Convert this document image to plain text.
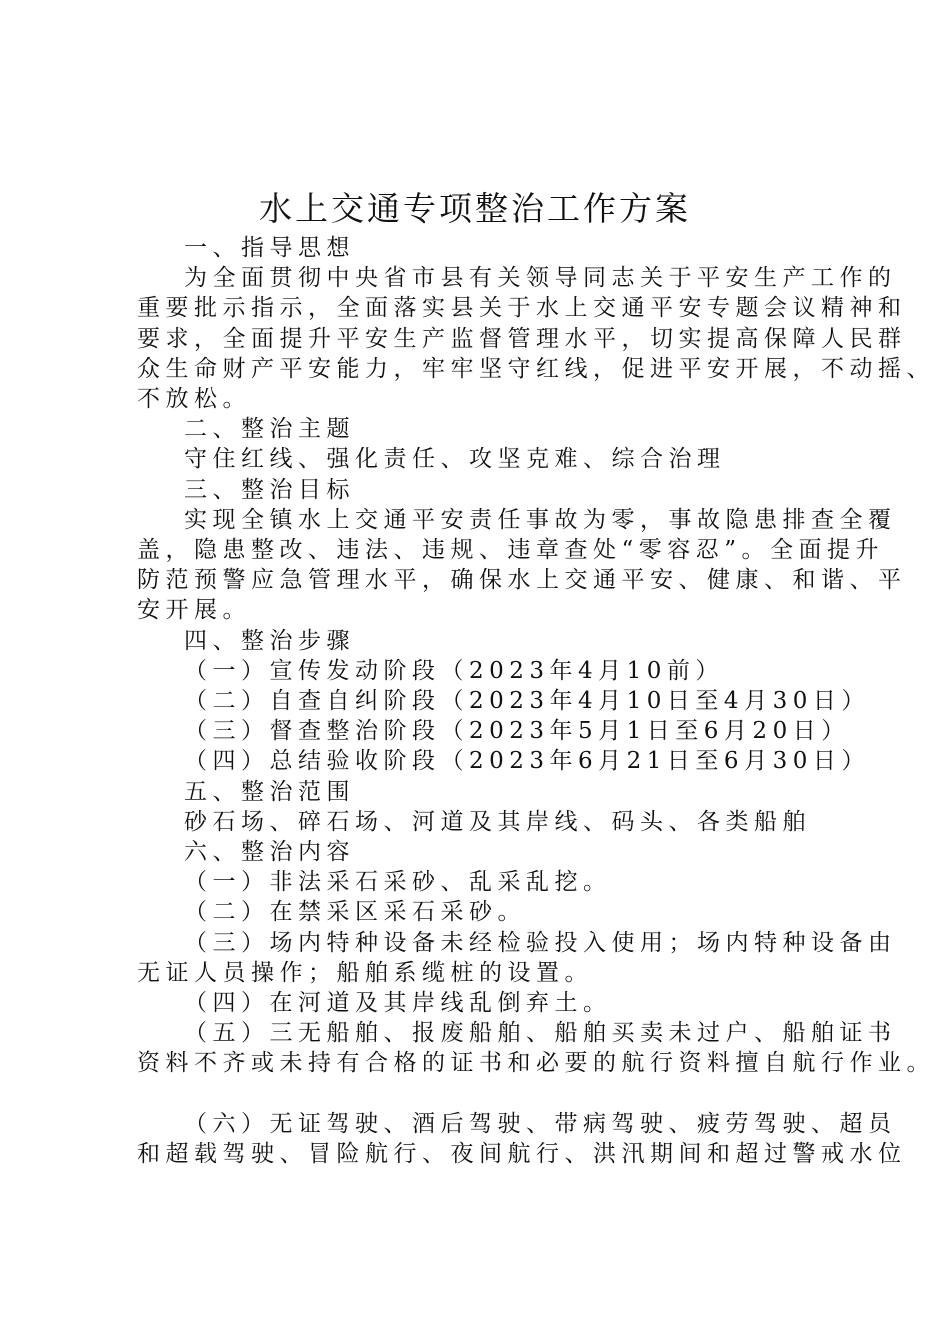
水上交通专项整治工作方案
一、指导思想
为全面贯彻中央省市县有关领导同志关于平安生产工作的
重要批示指示，全面落实县关于水上交通平安专题会议精神和
要求，全面提升平安生产监督管理水平，切实提高保障人民群
众生命财产平安能力，牢牢坚守红线，促进平安开展，不动摇、
不放松。
二、整治主题
守住红线、强化责任、攻坚克难、综合治理
三、整治目标
实现全镇水上交通平安责任事故为零，事故隐患排查全覆
盖，隐患整改、违法、违规、违章查处“零容忍”。全面提升
防范预警应急管理水平，确保水上交通平安、健康、和谐、平
安开展。
四、整治步骤
（一）宣传发动阶段（2023年4月10前）
（二）自查自纠阶段（2023年4月10日至4月30日）
（三）督查整治阶段（2023年5月1日至6月20日）
（四）总结验收阶段（2023年6月21日至6月30日）
五、整治范围
砂石场、碎石场、河道及其岸线、码头、各类船舶
六、整治内容
（一）非法采石采砂、乱采乱挖。
（二）在禁采区采石采砂。
（三）场内特种设备未经检验投入使用；场内特种设备由
无证人员操作；船舶系缆桩的设置。
（四）在河道及其岸线乱倒弃土。
（五）三无船舶、报废船舶、船舶买卖未过户、船舶证书
资料不齐或未持有合格的证书和必要的航行资料擅自航行作业。
（六）无证驾驶、酒后驾驶、带病驾驶、疲劳驾驶、超员
和超载驾驶、冒险航行、夜间航行、洪汛期间和超过警戒水位
